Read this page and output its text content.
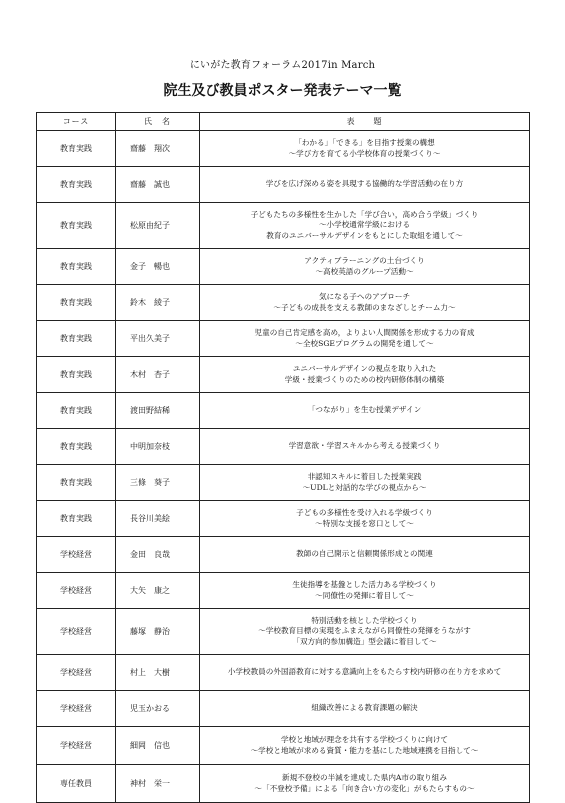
にいがた教育フォーラム2017in March
院生及び教員ポスター発表テーマ一覧
コース	氏　名	表　　題
教育実践	齋藤　翔次	「わかる」「できる」を目指す授業の構想
～学び方を育てる小学校体育の授業づくり～

教育実践	齋藤　誠也	学びを広げ深める姿を具現する協働的な学習活動の在り方

教育実践	松原由紀子	子どもたちの多様性を生かした「学び合い，高め合う学級」づくり
～小学校通常学級における
教育のユニバーサルデザインをもとにした取組を通して～

教育実践	金子　暢也	アクティブラーニングの土台づくり
～高校英語のグループ活動～

教育実践	鈴木　綾子	気になる子へのアプローチ
～子どもの成長を支える教師のまなざしとチーム力～

教育実践	平出久美子	児童の自己肯定感を高め，よりよい人間関係を形成する力の育成
～全校SGEプログラムの開発を通して～

教育実践	木村　杏子	ユニバーサルデザインの視点を取り入れた
学級・授業づくりのための校内研修体制の構築

教育実践	渡田野結稀	「つながり」を生む授業デザイン

教育実践	中明加奈枝	学習意欲・学習スキルから考える授業づくり

教育実践	三條　葵子	非認知スキルに着目した授業実践
～UDLと対話的な学びの視点から～

教育実践	長谷川美絵	子どもの多様性を受け入れる学級づくり
～特別な支援を窓口として～

学校経営	金田　良哉	教師の自己開示と信頼関係形成との関連

学校経営	大矢　康之	生徒指導を基盤とした活力ある学校づくり
～同僚性の発揮に着目して～

学校経営	藤塚　静治	特別活動を核とした学校づくり
～学校教育目標の実現をふまえながら同僚性の発揮をうながす
「双方向的参加構造」型会議に着目して～

学校経営	村上　大樹	小学校教員の外国語教育に対する意識向上をもたらす校内研修の在り方を求めて

学校経営	児玉かおる	組織改善による教育課題の解決

学校経営	細岡　信也	学校と地域が理念を共有する学校づくりに向けて
～学校と地域が求める資質・能力を基にした地域連携を目指して～

専任教員	神村　栄一	新規不登校の半減を達成した県内A市の取り組み
～「不登校予備」による「向き合い方の変化」がもたらすもの～
